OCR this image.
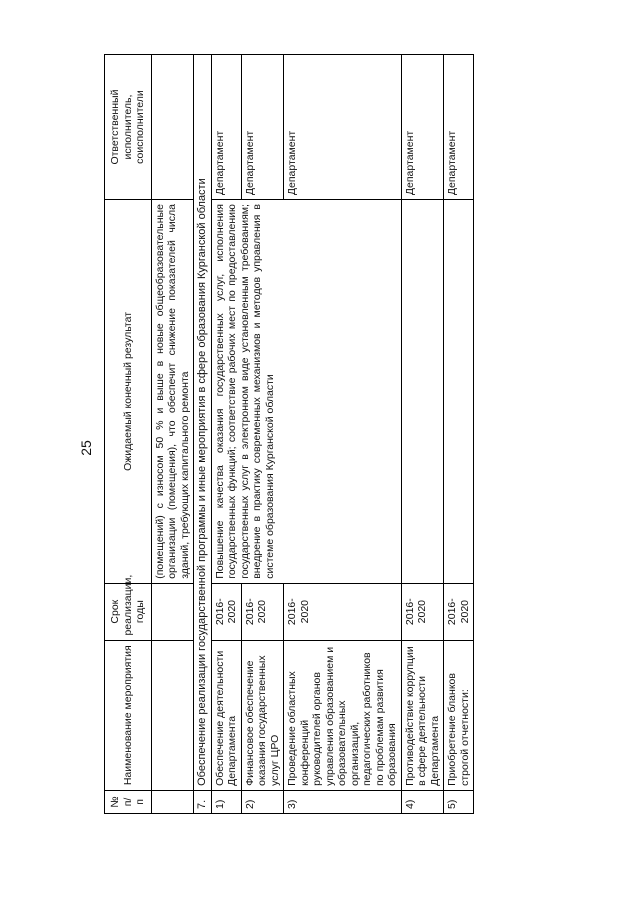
25
№ п/п	Наименование мероприятия	Срок реализации, годы	Ожидаемый конечный результат	Ответственный исполнитель, соисполнители
			(помещений) с износом 50 % и выше в новые общеобразовательные организации (помещения), что обеспечит снижение показателей числа зданий, требующих капитального ремонта	
7.	Обеспечение реализации государственной программы и иные мероприятия в сфере образования Курганской области			
1)	Обеспечение деятельности Департамента	2016-2020	Повышение качества оказания государственных услуг, исполнения государственных функций; соответствие рабочих мест по предоставлению государственных услуг в электронном виде установленным требованиям; внедрение в практику современных механизмов и методов управления в системе образования Курганской области	Департамент
2)	Финансовое обеспечение оказания государственных услуг ЦРО	2016-2020		Департамент
3)	Проведение областных конференций руководителей органов управления образованием и образовательных организаций, педагогических работников по проблемам развития образования	2016-2020		Департамент
4)	Противодействие коррупции в сфере деятельности Департамента	2016-2020		Департамент
5)	Приобретение бланков строгой отчетности:	2016-2020		Департамент
